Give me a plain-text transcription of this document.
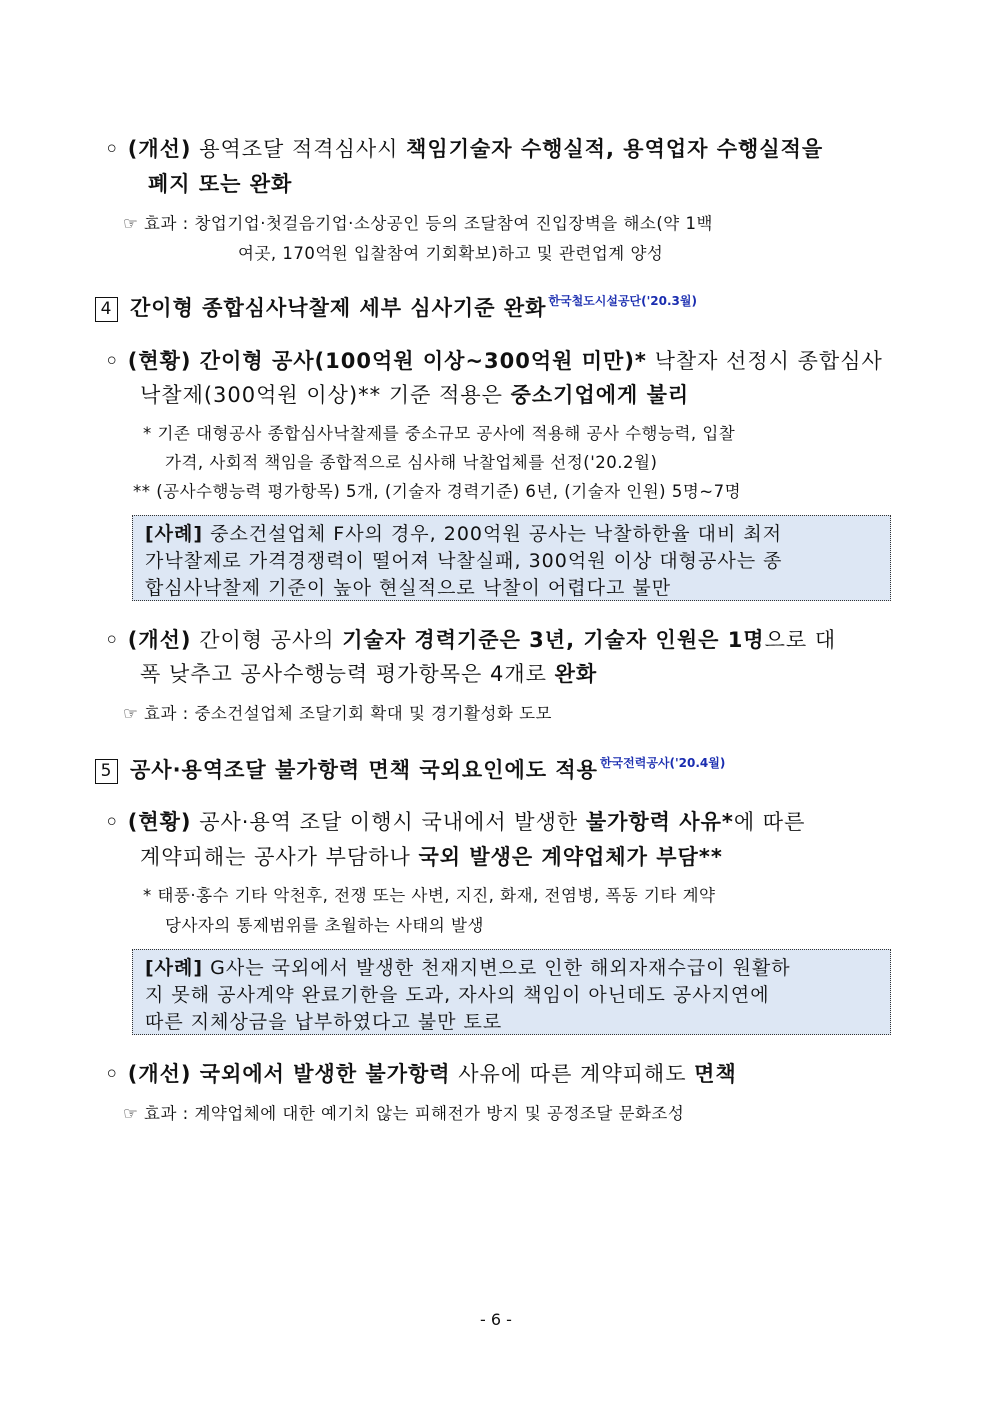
◦ (개선) 용역조달 적격심사시 책임기술자 수행실적, 용역업자 수행실적을
폐지 또는 완화
☞ 효과 : 창업기업·첫걸음기업·소상공인 등의 조달참여 진입장벽을 해소(약 1백
여곳, 170억원 입찰참여 기회확보)하고 및 관련업계 양성
4 간이형 종합심사낙찰제 세부 심사기준 완화 $^{한국철도시설공단('20.3월)}$
◦ (현황) 간이형 공사(100억원 이상~300억원 미만)* 낙찰자 선정시 종합심사
낙찰제(300억원 이상)** 기준 적용은 중소기업에게 불리
* 기존 대형공사 종합심사낙찰제를 중소규모 공사에 적용해 공사 수행능력, 입찰
가격, 사회적 책임을 종합적으로 심사해 낙찰업체를 선정('20.2월)
** (공사수행능력 평가항목) 5개, (기술자 경력기준) 6년, (기술자 인원) 5명~7명
[사례] 중소건설업체 F사의 경우, 200억원 공사는 낙찰하한율 대비 최저
가낙찰제로 가격경쟁력이 떨어져 낙찰실패, 300억원 이상 대형공사는 종
합심사낙찰제 기준이 높아 현실적으로 낙찰이 어렵다고 불만
◦ (개선) 간이형 공사의 기술자 경력기준은 3년, 기술자 인원은 1명으로 대
폭 낮추고 공사수행능력 평가항목은 4개로 완화
☞ 효과 : 중소건설업체 조달기회 확대 및 경기활성화 도모
5 공사·용역조달 불가항력 면책 국외요인에도 적용 $^{한국전력공사('20.4월)}$
◦ (현황) 공사·용역 조달 이행시 국내에서 발생한 불가항력 사유*에 따른
계약피해는 공사가 부담하나 국외 발생은 계약업체가 부담**
* 태풍·홍수 기타 악천후, 전쟁 또는 사변, 지진, 화재, 전염병, 폭동 기타 계약
당사자의 통제범위를 초월하는 사태의 발생
[사례] G사는 국외에서 발생한 천재지변으로 인한 해외자재수급이 원활하
지 못해 공사계약 완료기한을 도과, 자사의 책임이 아닌데도 공사지연에
따른 지체상금을 납부하였다고 불만 토로
◦ (개선) 국외에서 발생한 불가항력 사유에 따른 계약피해도 면책
☞ 효과 : 계약업체에 대한 예기치 않는 피해전가 방지 및 공정조달 문화조성
- 6 -
